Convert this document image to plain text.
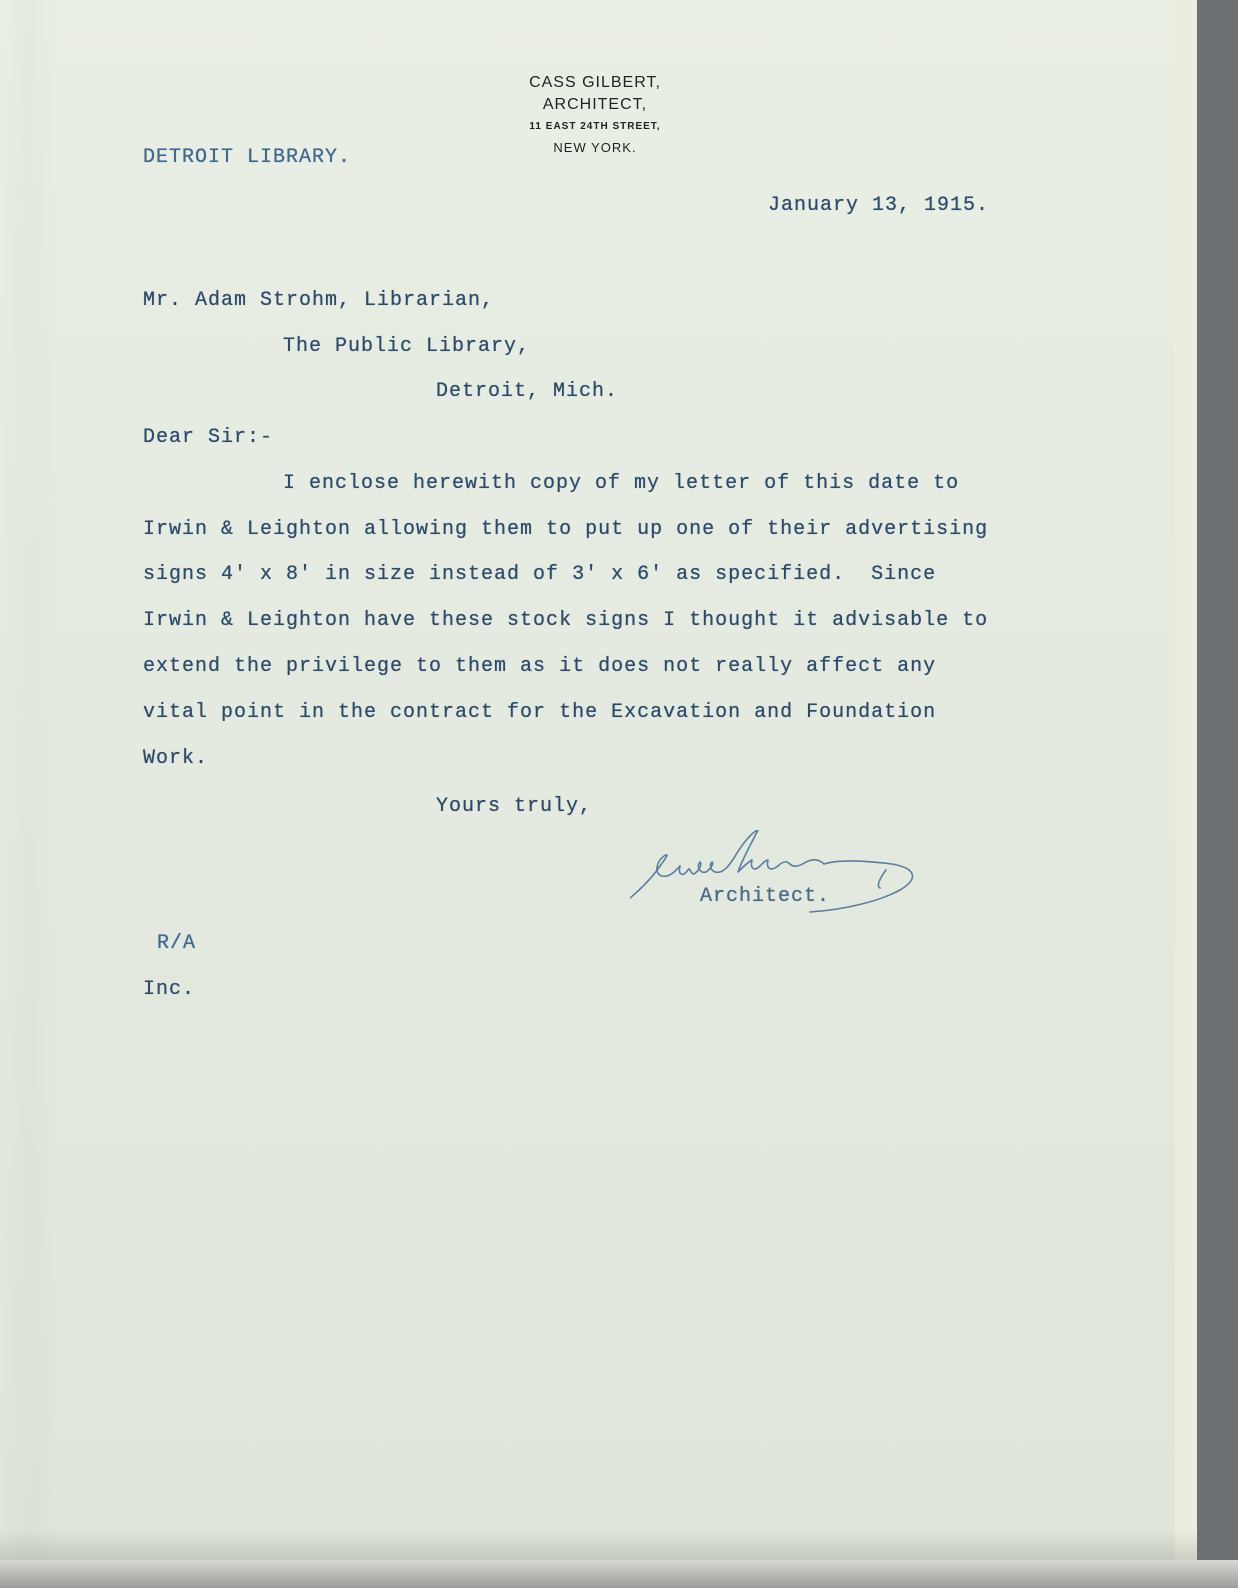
CASS GILBERT,
ARCHITECT,
11 EAST 24TH STREET,
NEW YORK.
DETROIT LIBRARY.
January 13, 1915.
Mr. Adam Strohm, Librarian,
The Public Library,
Detroit, Mich.
Dear Sir:-
I enclose herewith copy of my letter of this date to
Irwin & Leighton allowing them to put up one of their advertising
signs 4' x 8' in size instead of 3' x 6' as specified.  Since
Irwin & Leighton have these stock signs I thought it advisable to
extend the privilege to them as it does not really affect any
vital point in the contract for the Excavation and Foundation
Work.
Yours truly,
Architect.
R/A
Inc.
